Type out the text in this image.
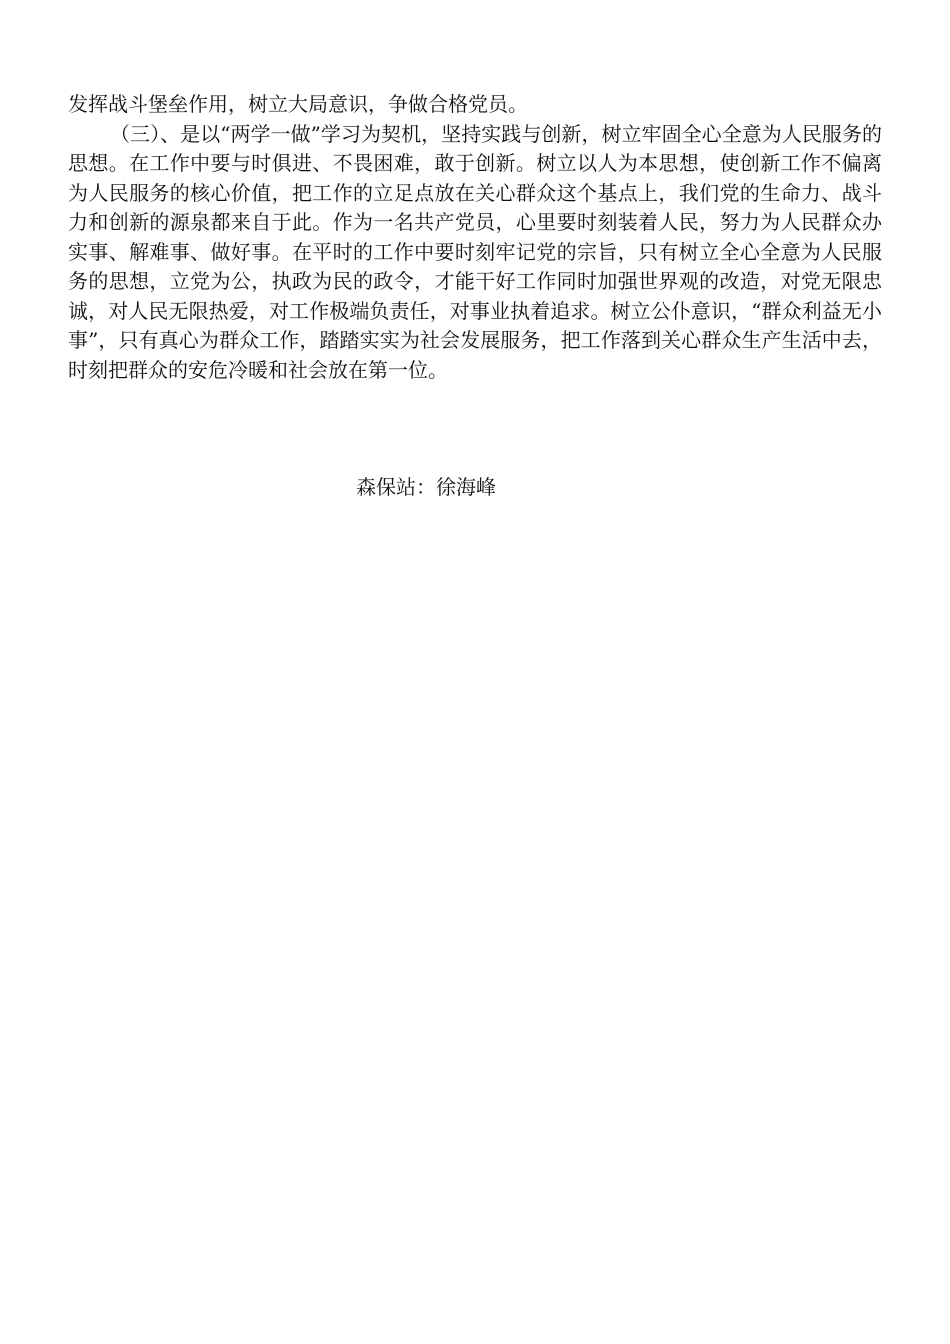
发挥战斗堡垒作用，树立大局意识，争做合格党员。

（三）、是以“两学一做”学习为契机，坚持实践与创新，树立牢固全心全意为人民服务的思想。在工作中要与时俱进、不畏困难，敢于创新。树立以人为本思想，使创新工作不偏离为人民服务的核心价值，把工作的立足点放在关心群众这个基点上，我们党的生命力、战斗力和创新的源泉都来自于此。作为一名共产党员，心里要时刻装着人民，努力为人民群众办实事、解难事、做好事。在平时的工作中要时刻牢记党的宗旨，只有树立全心全意为人民服务的思想，立党为公，执政为民的政令，才能干好工作同时加强世界观的改造，对党无限忠诚，对人民无限热爱，对工作极端负责任，对事业执着追求。树立公仆意识，“群众利益无小事”，只有真心为群众工作，踏踏实实为社会发展服务，把工作落到关心群众生产生活中去，时刻把群众的安危冷暖和社会放在第一位。

森保站：徐海峰
